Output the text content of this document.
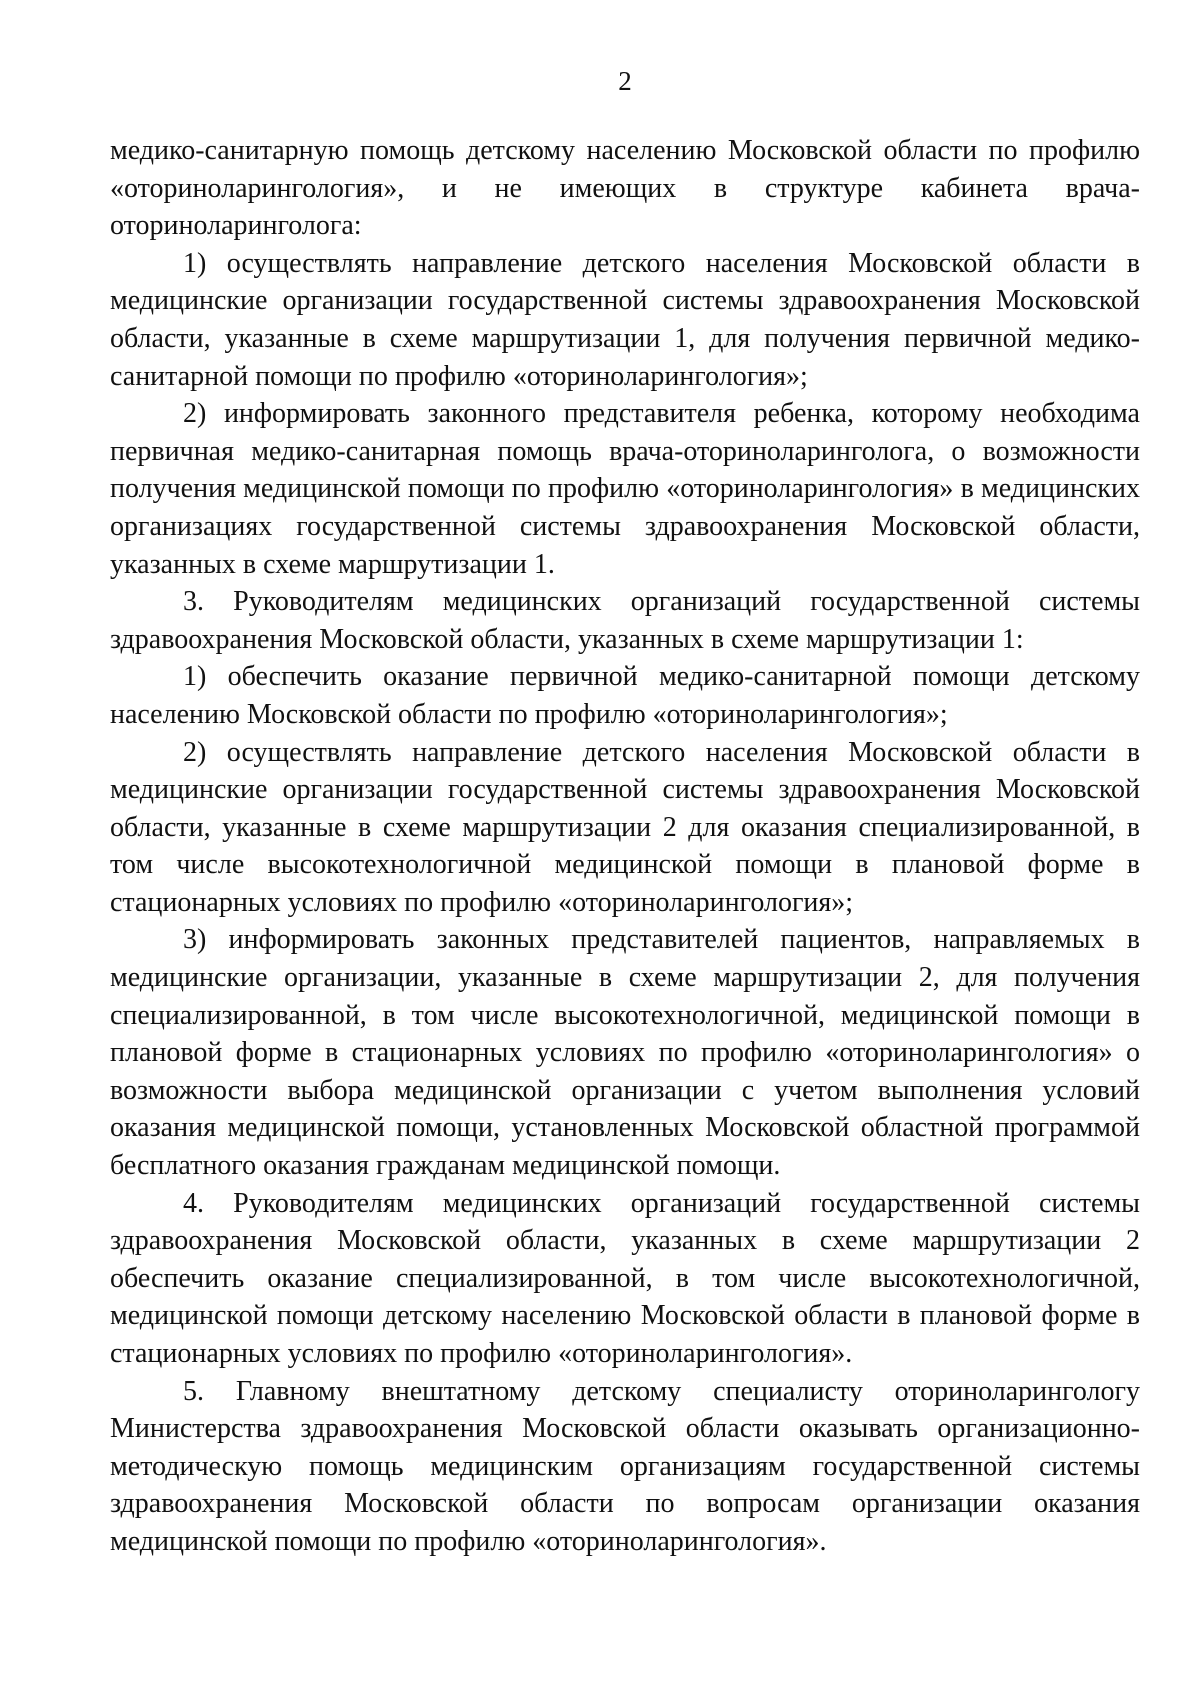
2

медико-санитарную помощь детскому населению Московской области по профилю «оториноларингология», и не имеющих в структуре кабинета врача-оториноларинголога:

1) осуществлять направление детского населения Московской области в медицинские организации государственной системы здравоохранения Московской области, указанные в схеме маршрутизации 1, для получения первичной медико-санитарной помощи по профилю «оториноларингология»;

2) информировать законного представителя ребенка, которому необходима первичная медико-санитарная помощь врача-оториноларинголога, о возможности получения медицинской помощи по профилю «оториноларингология» в медицинских организациях государственной системы здравоохранения Московской области, указанных в схеме маршрутизации 1.

3. Руководителям медицинских организаций государственной системы здравоохранения Московской области, указанных в схеме маршрутизации 1:

1) обеспечить оказание первичной медико-санитарной помощи детскому населению Московской области по профилю «оториноларингология»;

2) осуществлять направление детского населения Московской области в медицинские организации государственной системы здравоохранения Московской области, указанные в схеме маршрутизации 2 для оказания специализированной, в том числе высокотехнологичной медицинской помощи в плановой форме в стационарных условиях по профилю «оториноларингология»;

3) информировать законных представителей пациентов, направляемых в медицинские организации, указанные в схеме маршрутизации 2, для получения специализированной, в том числе высокотехнологичной, медицинской помощи в плановой форме в стационарных условиях по профилю «оториноларингология» о возможности выбора медицинской организации с учетом выполнения условий оказания медицинской помощи, установленных Московской областной программой бесплатного оказания гражданам медицинской помощи.

4. Руководителям медицинских организаций государственной системы здравоохранения Московской области, указанных в схеме маршрутизации 2 обеспечить оказание специализированной, в том числе высокотехнологичной, медицинской помощи детскому населению Московской области в плановой форме в стационарных условиях по профилю «оториноларингология».

5. Главному внештатному детскому специалисту оториноларингологу Министерства здравоохранения Московской области оказывать организационно-методическую помощь медицинским организациям государственной системы здравоохранения Московской области по вопросам организации оказания медицинской помощи по профилю «оториноларингология».
